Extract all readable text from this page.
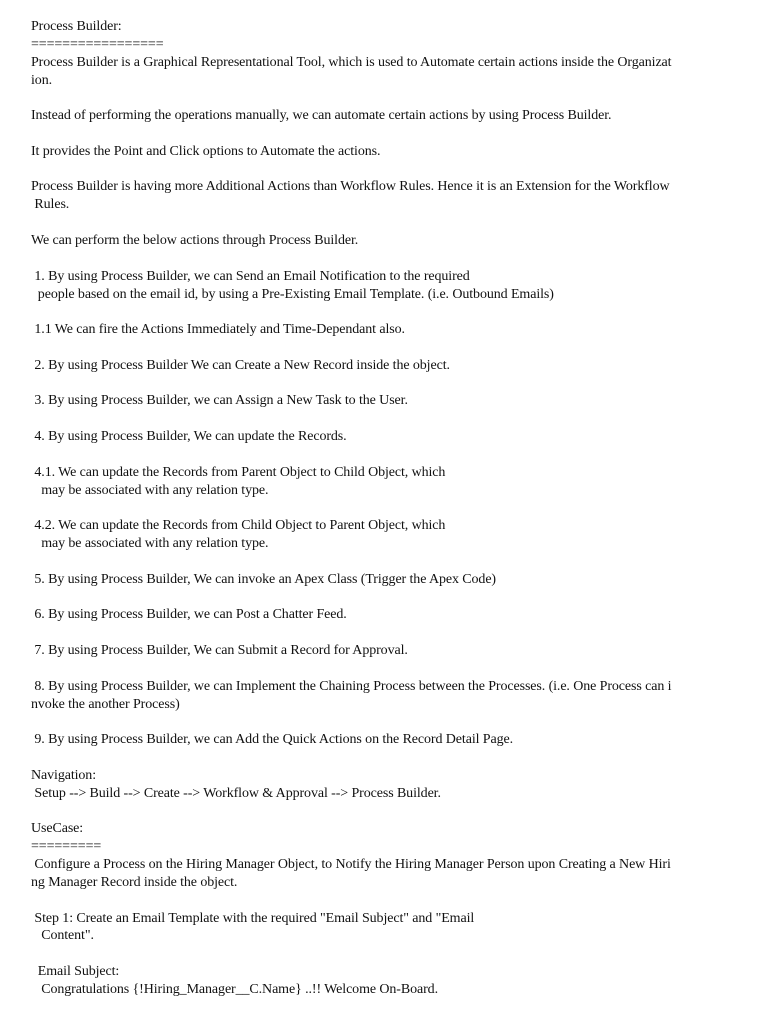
Process Builder:
=================
Process Builder is a Graphical Representational Tool, which is used to Automate certain actions inside the Organizat
ion.
Instead of performing the operations manually, we can automate certain actions by using Process Builder.
It provides the Point and Click options to Automate the actions.
Process Builder is having more Additional Actions than Workflow Rules. Hence it is an Extension for the Workflow
Rules.
We can perform the below actions through Process Builder.
1. By using Process Builder, we can Send an Email Notification to the required
people based on the email id, by using a Pre-Existing Email Template. (i.e. Outbound Emails)
1.1 We can fire the Actions Immediately and Time-Dependant also.
2. By using Process Builder We can Create a New Record inside the object.
3. By using Process Builder, we can Assign a New Task to the User.
4. By using Process Builder, We can update the Records.
4.1. We can update the Records from Parent Object to Child Object, which
may be associated with any relation type.
4.2. We can update the Records from Child Object to Parent Object, which
may be associated with any relation type.
5. By using Process Builder, We can invoke an Apex Class (Trigger the Apex Code)
6. By using Process Builder, we can Post a Chatter Feed.
7. By using Process Builder, We can Submit a Record for Approval.
8. By using Process Builder, we can Implement the Chaining Process between the Processes. (i.e. One Process can i
nvoke the another Process)
9. By using Process Builder, we can Add the Quick Actions on the Record Detail Page.
Navigation:
Setup --> Build --> Create --> Workflow & Approval --> Process Builder.
UseCase:
=========
Configure a Process on the Hiring Manager Object, to Notify the Hiring Manager Person upon Creating a New Hiri
ng Manager Record inside the object.
Step 1: Create an Email Template with the required "Email Subject" and "Email
Content".
Email Subject:
Congratulations {!Hiring_Manager__C.Name} ..!! Welcome On-Board.
